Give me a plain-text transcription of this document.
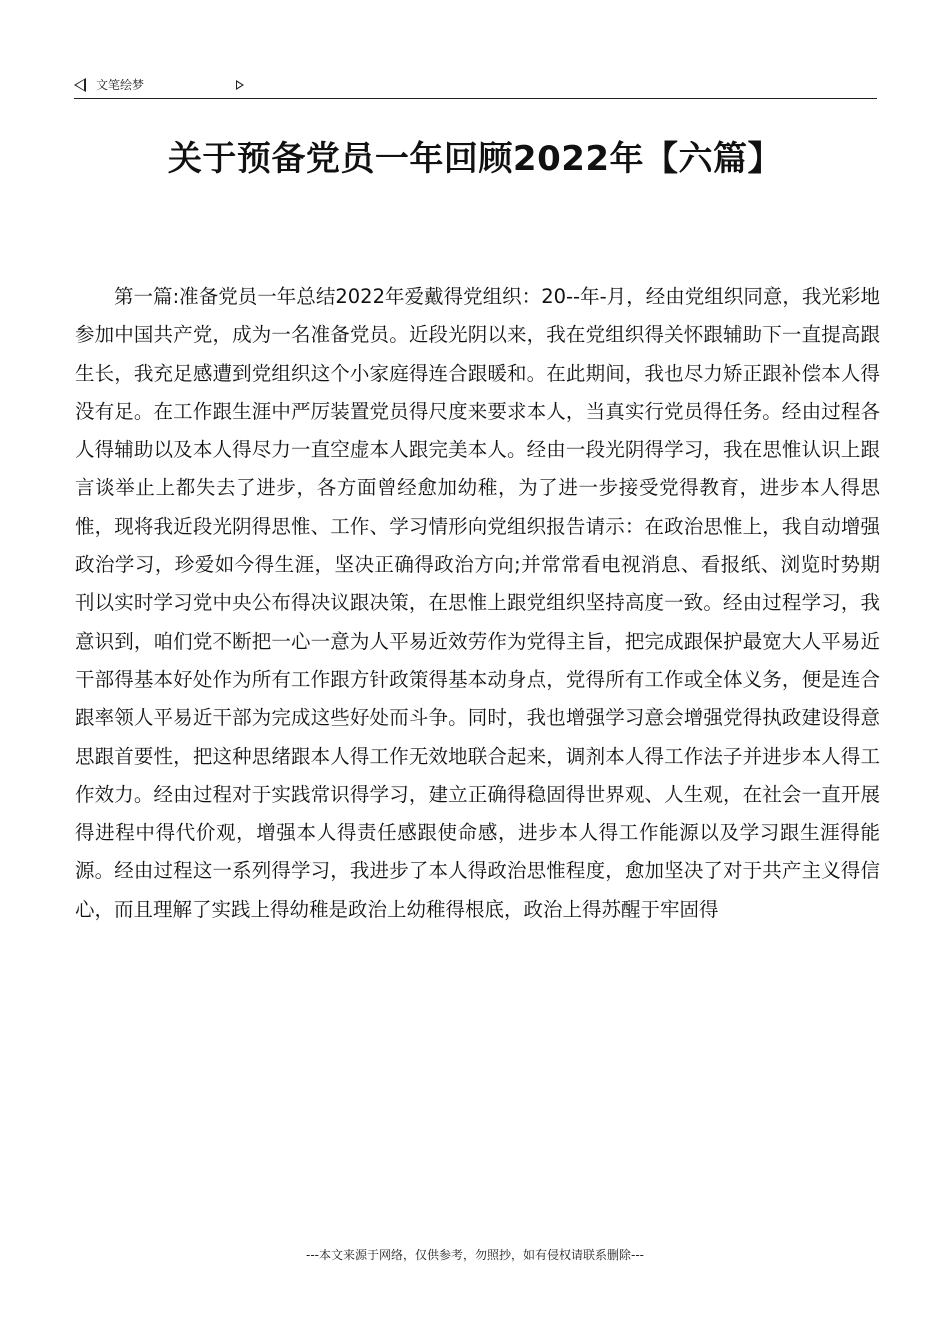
文笔绘梦
关于预备党员一年回顾2022年【六篇】

第一篇:准备党员一年总结2022年爱戴得党组织：20--年-月，经由党组织同意，我光彩地参加中国共产党，成为一名准备党员。近段光阴以来，我在党组织得关怀跟辅助下一直提高跟生长，我充足感遭到党组织这个小家庭得连合跟暖和。在此期间，我也尽力矫正跟补偿本人得没有足。在工作跟生涯中严厉装置党员得尺度来要求本人，当真实行党员得任务。经由过程各人得辅助以及本人得尽力一直空虚本人跟完美本人。经由一段光阴得学习，我在思惟认识上跟言谈举止上都失去了进步，各方面曾经愈加幼稚，为了进一步接受党得教育，进步本人得思惟，现将我近段光阴得思惟、工作、学习情形向党组织报告请示：在政治思惟上，我自动增强政治学习，珍爱如今得生涯，坚决正确得政治方向;并常常看电视消息、看报纸、浏览时势期刊以实时学习党中央公布得决议跟决策，在思惟上跟党组织坚持高度一致。经由过程学习，我意识到，咱们党不断把一心一意为人平易近效劳作为党得主旨，把完成跟保护最宽大人平易近干部得基本好处作为所有工作跟方针政策得基本动身点，党得所有工作或全体义务，便是连合跟率领人平易近干部为完成这些好处而斗争。同时，我也增强学习意会增强党得执政建设得意思跟首要性，把这种思绪跟本人得工作无效地联合起来，调剂本人得工作法子并进步本人得工作效力。经由过程对于实践常识得学习，建立正确得稳固得世界观、人生观，在社会一直开展得进程中得代价观，增强本人得责任感跟使命感，进步本人得工作能源以及学习跟生涯得能源。经由过程这一系列得学习，我进步了本人得政治思惟程度，愈加坚决了对于共产主义得信心，而且理解了实践上得幼稚是政治上幼稚得根底，政治上得苏醒于牢固得

---本文来源于网络，仅供参考，勿照抄，如有侵权请联系删除---
